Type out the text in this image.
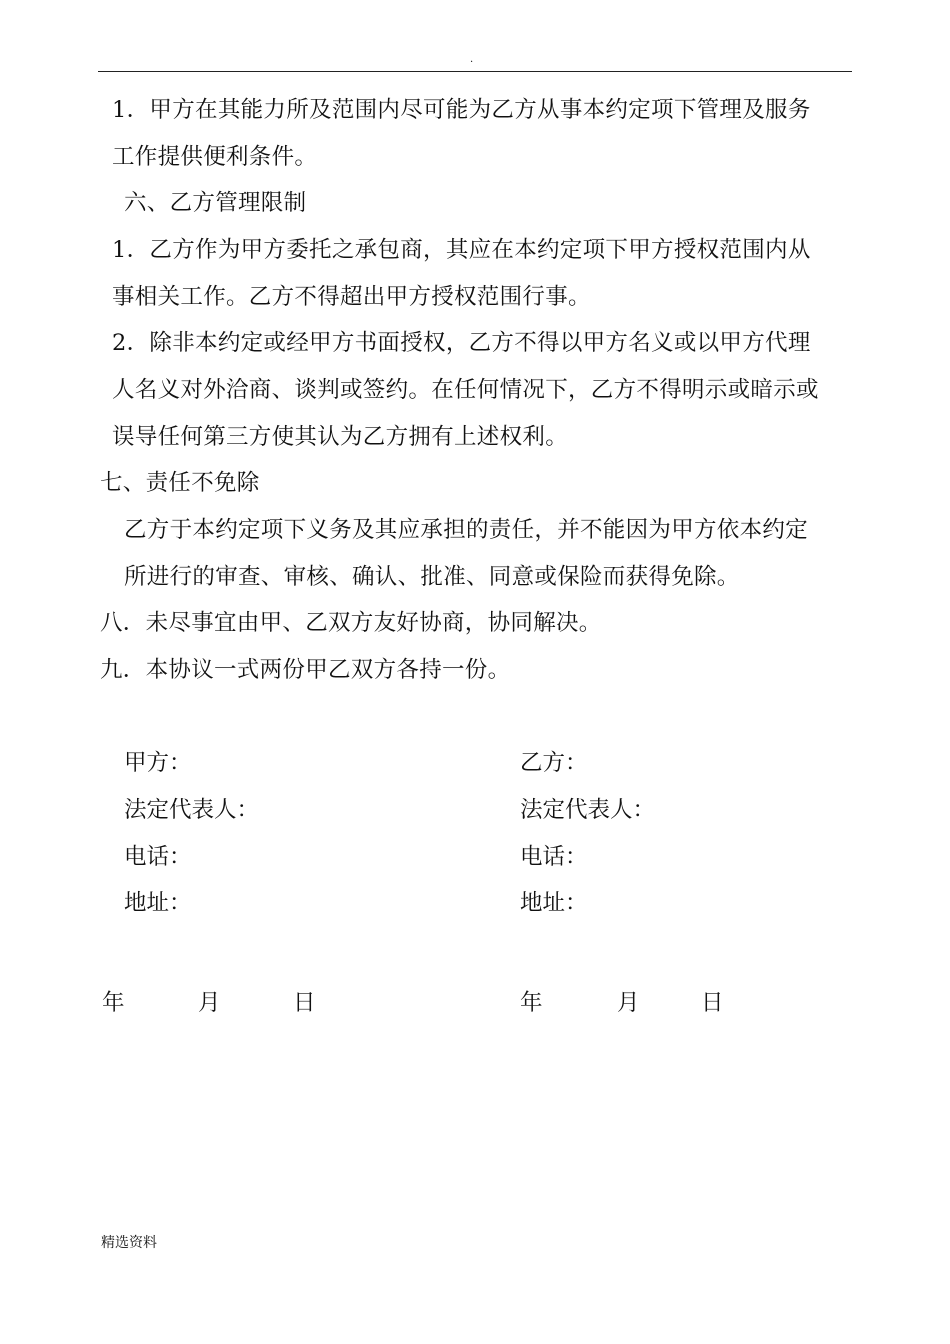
.
1．甲方在其能力所及范围内尽可能为乙方从事本约定项下管理及服务
工作提供便利条件。
六、乙方管理限制
1．乙方作为甲方委托之承包商，其应在本约定项下甲方授权范围内从
事相关工作。乙方不得超出甲方授权范围行事。
2．除非本约定或经甲方书面授权，乙方不得以甲方名义或以甲方代理
人名义对外洽商、谈判或签约。在任何情况下，乙方不得明示或暗示或
误导任何第三方使其认为乙方拥有上述权利。
七、责任不免除
乙方于本约定项下义务及其应承担的责任，并不能因为甲方依本约定
所进行的审查、审核、确认、批准、同意或保险而获得免除。
八．未尽事宜由甲、乙双方友好协商，协同解决。
九．本协议一式两份甲乙双方各持一份。
甲方：
法定代表人：
电话：
地址：
乙方：
法定代表人：
电话：
地址：
年	月	日	年	月	日
精选资料
